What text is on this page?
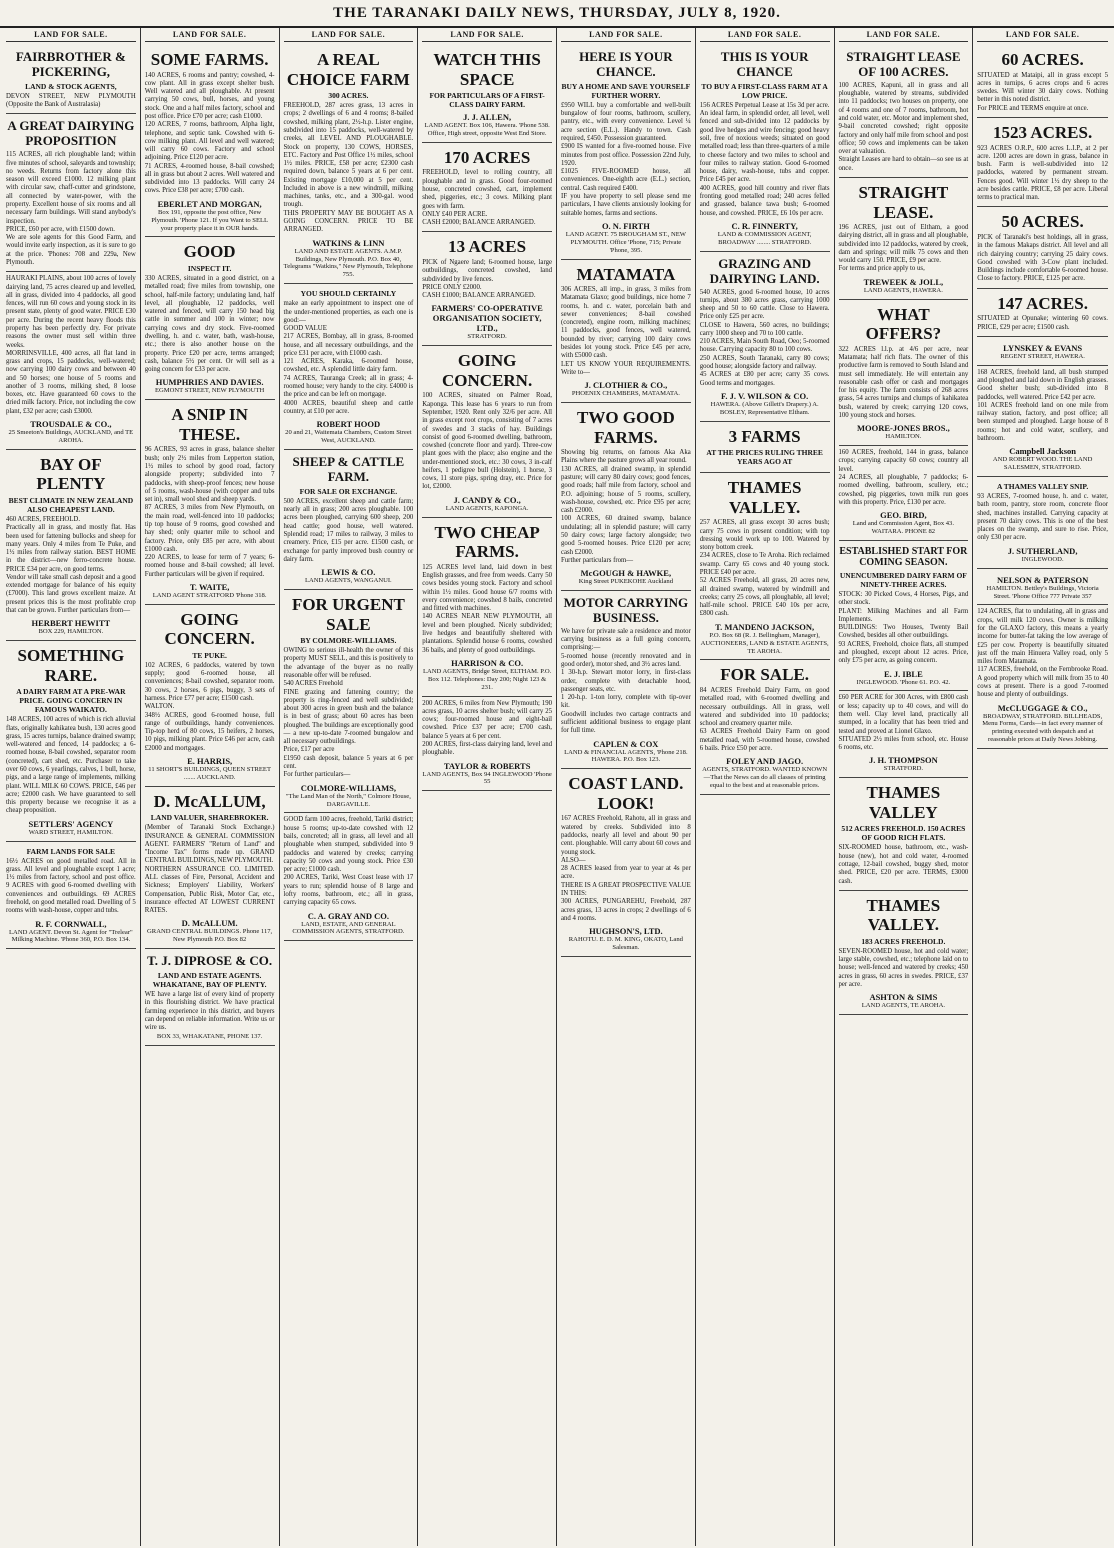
THE TARANAKI DAILY NEWS, THURSDAY, JULY 8, 1920.
LAND FOR SALE.
FAIRBROTHER & PICKERING,
LAND & STOCK AGENTS,
DEVON STREET, NEW PLYMOUTH (Opposite the Bank of Australasia)
A GREAT DAIRYING PROPOSITION
115 ACRES, all rich ploughable land; within five minutes of school, saleyards and township; no weeds. Returns from factory alone this season will exceed £1000. 12 milking plant with circular saw, chaff-cutter and grindstone, all connected by water-power, with the property. Excellent house of six rooms and all necessary farm buildings. Will stand anybody's inspection.
PRICE, £60 per acre, with £1500 down.
We are sole agents for this Good Farm, and would invite early inspection, as it is sure to go at the price. 'Phones: 708 and 229a, New Plymouth.
HAURAKI PLAINS, about 100 acres of lovely dairying land, 75 acres cleared up and levelled, all in grass, divided into 4 paddocks, all good fences, will run 60 cows and young stock in its present state, plenty of good water. PRICE £30 per acre. During the recent heavy floods this property has been perfectly dry. For private reasons the owner must sell within three weeks.
MORRINSVILLE, 400 acres, all flat land in grass and crops, 15 paddocks, well-watered; now carrying 100 dairy cows and between 40 and 50 horses; one house of 5 rooms and another of 3 rooms, milking shed, 8 loose boxes, etc. Have guaranteed 60 cows to the dried milk factory. Price, not including the cow plant, £32 per acre; cash £3000.
TROUSDALE & CO.,
25 Smeeton's Buildings, AUCKLAND, and TE AROHA.
BAY OF PLENTY
BEST CLIMATE IN NEW ZEALAND ALSO CHEAPEST LAND.
460 ACRES, FREEHOLD.
Practically all in grass, and mostly flat. Has been used for fattening bullocks and sheep for many years. Only 4 miles from Te Puke, and 1½ miles from railway station. BEST HOME in the district—new ferro-concrete house. PRICE £34 per acre, on good terms.
Vendor will take small cash deposit and a good extended mortgage for balance of his equity (£7000). This land grows excellent maize. At present prices this is the most profitable crop that can be grown. Further particulars from—
HERBERT HEWITT
BOX 229, HAMILTON.
SOMETHING RARE.
A DAIRY FARM AT A PRE-WAR PRICE. GOING CONCERN IN FAMOUS WAIKATO.
148 ACRES, 100 acres of which is rich alluvial flats, originally kahikatea bush, 130 acres good grass, 15 acres turnips, balance drained swamp; well-watered and fenced, 14 paddocks; a 6-roomed house, 8-bail cowshed, separator room (concreted), cart shed, etc. Purchaser to take over 60 cows, 6 yearlings, calves, 1 bull, horse, pigs, and a large range of implements, milking plant. WILL MILK 60 COWS. PRICE, £46 per acre; £2000 cash. We have guaranteed to sell this property because we recognise it as a cheap proposition.
SETTLERS' AGENCY
WARD STREET, HAMILTON.
FARM LANDS FOR SALE
16½ ACRES on good metalled road. All in grass. All level and ploughable except 1 acre; 1½ miles from factory, school and post office. 9 ACRES with good 6-roomed dwelling with conveniences and outbuildings. 69 ACRES freehold, on good metalled road. Dwelling of 5 rooms with wash-house, copper and tubs.
R. F. CORNWALL,
LAND AGENT. Devon St. Agent for "Trelear" Milking Machine. 'Phone 360, P.O. Box 134.
LAND FOR SALE.
SOME FARMS.
140 ACRES, 6 rooms and pantry; cowshed, 4-cow plant. All in grass except shelter bush. Well watered and all ploughable. At present carrying 50 cows, bull, horses, and young stock. One and a half miles factory, school and post office. Price £70 per acre; cash £1000.
120 ACRES, 7 rooms, bathroom, Alpha light, telephone, and septic tank. Cowshed with 6-cow milking plant. All level and well watered; will carry 60 cows. Factory and school adjoining. Price £120 per acre.
71 ACRES, 4-roomed house, 8-bail cowshed; all in grass but about 2 acres. Well watered and subdivided into 13 paddocks. Will carry 24 cows. Price £38 per acre; £700 cash.
EBERLET AND MORGAN,
Box 191, opposite the post office, New Plymouth. 'Phone 121. If you Want to SELL your property place it in OUR hands.
GOOD
INSPECT IT.
330 ACRES, situated in a good district, on a metalled road; five miles from township, one school, half-mile factory; undulating land, half level, all ploughable, 12 paddocks, well watered and fenced, will carry 150 head big cattle in summer and 100 in winter; now carrying cows and dry stock. Five-roomed dwelling, h. and c. water, bath, wash-house, etc.; there is also another house on the property. Price £20 per acre, terms arranged; cash, balance 5½ per cent. Or will sell as a going concern for £33 per acre.
HUMPHRIES AND DAVIES.
EGMONT STREET, NEW PLYMOUTH
A SNIP IN THESE.
96 ACRES, 93 acres in grass, balance shelter bush; only 2½ miles from Lepperton station, 1½ miles to school by good road, factory alongside property; subdivided into 7 paddocks, with sheep-proof fences; new house of 5 rooms, wash-house (with copper and tubs set in), small wool shed and sheep yards.
87 ACRES, 3 miles from New Plymouth, on the main road, well-fenced into 10 paddocks; tip top house of 9 rooms, good cowshed and hay shed; only quarter mile to school and factory. Price, only £85 per acre, with about £1000 cash.
220 ACRES, to lease for term of 7 years; 6-roomed house and 8-bail cowshed; all level. Further particulars will be given if required.
T. WAITE,
LAND AGENT STRATFORD 'Phone 318.
GOING CONCERN.
TE PUKE.
102 ACRES, 6 paddocks, watered by town supply; good 6-roomed house, all conveniences; 8-bail cowshed, separator room. 30 cows, 2 horses, 6 pigs, buggy, 3 sets of harness. Price £77 per acre; £1500 cash.
WALTON.
348½ ACRES, good 6-roomed house, full range of outbuildings, handy conveniences. Tip-top herd of 80 cows, 15 heifers, 2 horses, 10 pigs, milking plant. Price £46 per acre, cash £2000 and mortgages.
E. HARRIS,
11 SHORT'S BUILDINGS, QUEEN STREET ....... AUCKLAND.
D. McALLUM,
LAND VALUER, SHAREBROKER.
(Member of Taranaki Stock Exchange.) INSURANCE & GENERAL COMMISSION AGENT. FARMERS' "Return of Land" and "Income Tax" forms made up. GRAND CENTRAL BUILDINGS, NEW PLYMOUTH.
NORTHERN ASSURANCE CO. LIMITED. ALL classes of Fire, Personal, Accident and Sickness; Employers' Liability, Workers' Compensation, Public Risk, Motor Car, etc., insurance effected AT LOWEST CURRENT RATES.
D. McALLUM.
GRAND CENTRAL BUILDINGS. Phone 117, New Plymouth P.O. Box 82
T. J. DIPROSE & CO.
LAND AND ESTATE AGENTS. WHAKATANE, BAY OF PLENTY.
WE have a large list of every kind of property in this flourishing district. We have practical farming experience in this district, and buyers can depend on reliable information. Write us or wire us.
BOX 33, WHAKATANE, PHONE 137.
LAND FOR SALE.
A REAL CHOICE FARM
300 ACRES.
FREEHOLD, 287 acres grass, 13 acres in crops; 2 dwellings of 6 and 4 rooms; 8-bailed cowshed, milking plant, 2½-h.p. Lister engine, subdivided into 15 paddocks, well-watered by creeks, all LEVEL AND PLOUGHABLE. Stock on property, 130 COWS, HORSES, ETC. Factory and Post Office 1½ miles, school 1½ miles. PRICE, £58 per acre; £2300 cash required down, balance 5 years at 6 per cent. Existing mortgage £10,000 at 5 per cent. Included in above is a new windmill, milking machines, tanks, etc., and a 300-gal. wood trough.
THIS PROPERTY MAY BE BOUGHT AS A GOING CONCERN. PRICE TO BE ARRANGED.
WATKINS & LINN
LAND AND ESTATE AGENTS. A.M.P. Buildings, New Plymouth. P.O. Box 40, Telegrams "Watkins," New Plymouth, Telephone 755.
YOU SHOULD CERTAINLY
make an early appointment to inspect one of the under-mentioned properties, as each one is good:—
GOOD VALUE
217 ACRES, Bombay, all in grass, 8-roomed house, and all necessary outbuildings, and the price £31 per acre, with £1000 cash.
121 ACRES, Karaka, 6-roomed house, cowshed, etc. A splendid little dairy farm.
74 ACRES, Tauranga Creek; all in grass; 4-roomed house; very handy to the city. £4000 is the price and can be left on mortgage.
4000 ACRES, beautiful sheep and cattle country, at £10 per acre.
ROBERT HOOD
20 and 21, Waitemata Chambers, Custom Street West, AUCKLAND.
SHEEP & CATTLE FARM.
FOR SALE OR EXCHANGE.
500 ACRES, excellent sheep and cattle farm; nearly all in grass; 200 acres ploughable. 100 acres been ploughed, carrying 600 sheep, 200 head cattle; good house, well watered. Splendid road; 17 miles to railway, 3 miles to creamery. Price, £15 per acre. £1500 cash, or exchange for partly improved bush country or dairy farm.
LEWIS & CO.
LAND AGENTS, WANGANUI.
FOR URGENT SALE
BY COLMORE-WILLIAMS.
OWING to serious ill-health the owner of this property MUST SELL, and this is positively to the advantage of the buyer as no really reasonable offer will be refused.
540 ACRES Freehold
FINE grazing and fattening country; the property is ring-fenced and well subdivided; about 300 acres in green bush and the balance is in best of grass; about 60 acres has been ploughed. The buildings are exceptionally good — a new up-to-date 7-roomed bungalow and all necessary outbuildings.
Price, £17 per acre
£1950 cash deposit, balance 5 years at 6 per cent.
For further particulars—
COLMORE-WILLIAMS,
"The Land Man of the North," Colmore House, DARGAVILLE.
GOOD farm 100 acres, freehold, Tariki district; house 5 rooms; up-to-date cowshed with 12 bails, concreted; all in grass, all level and all ploughable when stumped, subdivided into 9 paddocks and watered by creeks; carrying capacity 50 cows and young stock. Price £30 per acre; £1000 cash.
200 ACRES, Tariki, West Coast lease with 17 years to run; splendid house of 8 large and lofty rooms, bathroom, etc.; all in grass, carrying capacity 65 cows.
C. A. GRAY AND CO.
LAND, ESTATE, AND GENERAL COMMISSION AGENTS, STRATFORD.
LAND FOR SALE.
WATCH THIS SPACE
FOR PARTICULARS OF A FIRST-CLASS DAIRY FARM.
J. J. ALLEN,
LAND AGENT. Box 106, Hawera. 'Phone 538. Office, High street, opposite West End Store.
170 ACRES
FREEHOLD, level to rolling country, all ploughable and in grass. Good four-roomed house, concreted cowshed, cart, implement shed, piggeries, etc.; 3 cows. Milking plant goes with farm.
ONLY £40 PER ACRE.
CASH £2000; BALANCE ARRANGED.
13 ACRES
PICK of Ngaere land; 6-roomed house, large outbuildings, concreted cowshed, land subdivided by live fences.
PRICE ONLY £2000.
CASH £1000; BALANCE ARRANGED.
FARMERS' CO-OPERATIVE ORGANISATION SOCIETY, LTD.,
STRATFORD.
GOING CONCERN.
100 ACRES, situated on Palmer Road, Kaponga. This lease has 6 years to run from September, 1920. Rent only 32/6 per acre. All in grass except root crops, consisting of 7 acres of swedes and 3 stacks of hay. Buildings consist of good 6-roomed dwelling, bathroom, cowshed (concrete floor and yard). Three-cow plant goes with the place; also engine and the under-mentioned stock, etc.: 30 cows, 3 in-calf heifers, 1 pedigree bull (Holstein), 1 horse, 3 cows, 11 store pigs, spring dray, etc. Price for lot, £2000.
J. CANDY & CO.,
LAND AGENTS, KAPONGA.
TWO CHEAP FARMS.
125 ACRES level land, laid down in best English grasses, and free from weeds. Carry 50 cows besides young stock. Factory and school within 1½ miles. Good house 6/7 rooms with every convenience; cowshed 8 bails, concreted and fitted with machines.
140 ACRES NEAR NEW PLYMOUTH, all level and been ploughed. Nicely subdivided; live hedges and beautifully sheltered with plantations. Splendid house 6 rooms, cowshed 36 bails, and plenty of good outbuildings.
HARRISON & CO.
LAND AGENTS, Bridge Street, ELTHAM. P.O. Box 112. Telephones: Day 200; Night 123 & 231.
200 ACRES, 6 miles from New Plymouth; 190 acres grass, 10 acres shelter bush; will carry 25 cows; four-roomed house and eight-bail cowshed. Price £37 per acre; £700 cash, balance 5 years at 6 per cent.
200 ACRES, first-class dairying land, level and ploughable.
TAYLOR & ROBERTS
LAND AGENTS, Box 94 INGLEWOOD 'Phone 55
LAND FOR SALE.
HERE IS YOUR CHANCE.
BUY A HOME AND SAVE YOURSELF FURTHER WORRY.
£950 WILL buy a comfortable and well-built bungalow of four rooms, bathroom, scullery, pantry, etc., with every convenience. Level ¼ acre section (E.L.). Handy to town. Cash required, £450. Possession guaranteed.
£900 IS wanted for a five-roomed house. Five minutes from post office. Possession 22nd July, 1920.
£1025 FIVE-ROOMED house, all conveniences. One-eighth acre (E.L.) section, central. Cash required £400.
IF you have property to sell please send me particulars, I have clients anxiously looking for suitable homes, farms and sections.
O. N. FIRTH
LAND AGENT. 75 BROUGHAM ST., NEW PLYMOUTH. Office 'Phone, 715; Private 'Phone, 395.
MATAMATA
306 ACRES, all imp., in grass, 3 miles from Matamata Glaxo; good buildings, nice home 7 rooms, h. and c. water, porcelain bath and sewer conveniences; 8-bail cowshed (concreted), engine room, milking machines; 11 paddocks, good fences, well watered, bounded by river; carrying 100 dairy cows besides lot young stock. Price £45 per acre, with £5000 cash.
LET US KNOW YOUR REQUIREMENTS. Write to—
J. CLOTHIER & CO.,
PHOENIX CHAMBERS, MATAMATA.
TWO GOOD FARMS.
Showing big returns, on famous Aka Aka Plains where the pasture grows all year round.
130 ACRES, all drained swamp, in splendid pasture; will carry 80 dairy cows; good fences, good roads; half mile from factory, school and P.O. adjoining; house of 5 rooms, scullery, wash-house, cowshed, etc. Price £95 per acre; cash £2000.
100 ACRES, 60 drained swamp, balance undulating; all in splendid pasture; will carry 50 dairy cows; large factory alongside; two good 5-roomed houses. Price £120 per acre; cash £2000.
Further particulars from—
McGOUGH & HAWKE,
King Street PUKEKOHE Auckland
MOTOR CARRYING BUSINESS.
We have for private sale a residence and motor carrying business as a full going concern, comprising:—
5-roomed house (recently renovated and in good order), motor shed, and 3½ acres land.
1 30-h.p. Stewart motor lorry, in first-class order, complete with detachable hood, passenger seats, etc.
1 20-h.p. 1-ton lorry, complete with tip-over kit.
Goodwill includes two cartage contracts and sufficient additional business to engage plant for full time.
CAPLEN & COX
LAND & FINANCIAL AGENTS, 'Phone 218. HAWERA. P.O. Box 123.
COAST LAND. LOOK!
167 ACRES Freehold, Rahotu, all in grass and watered by creeks. Subdivided into 8 paddocks, nearly all level and about 90 per cent. ploughable. Will carry about 60 cows and young stock.
ALSO—
28 ACRES leased from year to year at 4s per acre.
THERE IS A GREAT PROSPECTIVE VALUE IN THIS:
300 ACRES, PUNGAREHU, Freehold, 287 acres grass, 13 acres in crops; 2 dwellings of 6 and 4 rooms.
HUGHSON'S, LTD.
RAHOTU. E. D. M. KING, OKATO, Land Salesman.
LAND FOR SALE.
THIS IS YOUR CHANCE
TO BUY A FIRST-CLASS FARM AT A LOW PRICE.
156 ACRES Perpetual Lease at 15s 3d per acre. An ideal farm, in splendid order, all level, well fenced and sub-divided into 12 paddocks by good live hedges and wire fencing; good heavy soil, free of noxious weeds; situated on good metalled road; less than three-quarters of a mile to cheese factory and two miles to school and four miles to railway station. Good 6-roomed house, dairy, wash-house, tubs and copper. Price £45 per acre.
400 ACRES, good hill country and river flats fronting good metalled road; 240 acres felled and grassed, balance tawa bush; 6-roomed house, and cowshed. PRICE, £6 10s per acre.
C. R. FINNERTY,
LAND & COMMISSION AGENT, BROADWAY ........ STRATFORD.
GRAZING AND DAIRYING LAND.
540 ACRES, good 6-roomed house, 10 acres turnips, about 380 acres grass, carrying 1000 sheep and 50 to 60 cattle. Close to Hawera. Price only £25 per acre.
CLOSE to Hawera, 560 acres, no buildings; carry 1000 sheep and 70 to 100 cattle.
210 ACRES, Main South Road, Oeo; 5-roomed house. Carrying capacity 80 to 100 cows.
250 ACRES, South Taranaki, carry 80 cows; good house; alongside factory and railway.
45 ACRES at £80 per acre; carry 35 cows. Good terms and mortgages.
F. J. V. WILSON & CO.
HAWERA. (Above Gillett's Drapery.) A. BOSLEY, Representative Eltham.
3 FARMS
AT THE PRICES RULING THREE YEARS AGO AT
THAMES VALLEY.
257 ACRES, all grass except 30 acres bush; carry 75 cows in present condition; with top dressing would work up to 100. Watered by stony bottom creek.
234 ACRES, close to Te Aroha. Rich reclaimed swamp. Carry 65 cows and 40 young stock. PRICE £40 per acre.
52 ACRES Freehold, all grass, 20 acres new, all drained swamp, watered by windmill and creeks; carry 25 cows, all ploughable, all level; half-mile school. PRICE £40 10s per acre, £800 cash.
T. MANDENO JACKSON,
P.O. Box 68 (R. J. Bellingham, Manager), AUCTIONEERS, LAND & ESTATE AGENTS, TE AROHA.
FOR SALE.
84 ACRES Freehold Dairy Farm, on good metalled road, with 6-roomed dwelling and necessary outbuildings. All in grass, well watered and subdivided into 10 paddocks; school and creamery quarter mile.
63 ACRES Freehold Dairy Farm on good metalled road, with 5-roomed house, cowshed 6 bails. Price £50 per acre.
FOLEY AND JAGO.
AGENTS, STRATFORD. WANTED KNOWN—That the News can do all classes of printing equal to the best and at reasonable prices.
LAND FOR SALE.
STRAIGHT LEASE OF 100 ACRES.
100 ACRES, Kapuni, all in grass and all ploughable, watered by streams, subdivided into 11 paddocks; two houses on property, one of 4 rooms and one of 7 rooms, bathroom, hot and cold water, etc. Motor and implement shed, 9-bail concreted cowshed; right opposite factory and only half mile from school and post office; 50 cows and implements can be taken over at valuation.
Straight Leases are hard to obtain—so see us at once.
STRAIGHT LEASE.
196 ACRES, just out of Eltham, a good dairying district, all in grass and all ploughable, subdivided into 12 paddocks, watered by creek, dam and springs; will milk 75 cows and then would carry 150. PRICE, £9 per acre.
For terms and price apply to us,
TREWEEK & JOLL,
LAND AGENTS, HAWERA.
WHAT OFFERS?
322 ACRES l.l.p. at 4/6 per acre, near Matamata; half rich flats. The owner of this productive farm is removed to South Island and must sell immediately. He will entertain any reasonable cash offer or cash and mortgages for his equity. The farm consists of 268 acres grass, 54 acres turnips and clumps of kahikatea bush, watered by creek; carrying 120 cows, 100 young stock and horses.
MOORE-JONES BROS.,
HAMILTON.
160 ACRES, freehold, 144 in grass, balance crops; carrying capacity 60 cows; country all level.
24 ACRES, all ploughable, 7 paddocks; 6-roomed dwelling, bathroom, scullery, etc.; cowshed, pig piggeries, town milk run goes with this property. Price, £130 per acre.
GEO. BIRD,
Land and Commission Agent, Box 43. WAITARA. PHONE 82
ESTABLISHED START FOR COMING SEASON.
UNENCUMBERED DAIRY FARM OF NINETY-THREE ACRES.
STOCK: 30 Picked Cows, 4 Horses, Pigs, and other stock.
PLANT: Milking Machines and all Farm Implements.
BUILDINGS: Two Houses, Twenty Bail Cowshed, besides all other outbuildings.
93 ACRES, Freehold, choice flats, all stumped and ploughed, except about 12 acres. Price, only £75 per acre, as going concern.
E. J. IBLE
INGLEWOOD. 'Phone 61. P.O. 42.
£60 PER ACRE for 300 Acres, with £800 cash or less; capacity up to 40 cows, and will do them well. Clay level land, practically all stumped, in a locality that has been tried and tested and proved at Lionel Glaxo.
SITUATED 2½ miles from school, etc. House 6 rooms, etc.
J. H. THOMPSON
STRATFORD.
THAMES VALLEY
512 ACRES FREEHOLD. 150 ACRES OF GOOD RICH FLATS.
SIX-ROOMED house, bathroom, etc., wash-house (new), hot and cold water, 4-roomed cottage, 12-bail cowshed, buggy shed, motor shed. PRICE, £20 per acre. TERMS, £3000 cash.
THAMES VALLEY.
183 ACRES FREEHOLD.
SEVEN-ROOMED house, hot and cold water; large stable, cowshed, etc.; telephone laid on to house; well-fenced and watered by creeks; 450 acres in grass, 60 acres in swedes. PRICE, £37 per acre.
ASHTON & SIMS
LAND AGENTS, TE AROHA.
LAND FOR SALE.
60 ACRES.
SITUATED at Mataipi, all in grass except 5 acres in turnips, 6 acres crops and 6 acres swedes. Will winter 30 dairy cows. Nothing better in this noted district.
For PRICE and TERMS enquire at once.
1523 ACRES.
923 ACRES O.R.P., 600 acres L.I.P., at 2 per acre. 1200 acres are down in grass, balance in bush. Farm is well-subdivided into 12 paddocks, watered by permanent stream. Fences good. Will winter 1½ dry sheep to the acre besides cattle. PRICE, £8 per acre. Liberal terms to practical man.
50 ACRES.
PICK of Taranaki's best holdings, all in grass, in the famous Makaps district. All level and all rich dairying country; carrying 25 dairy cows. Good cowshed with 3-Cow plant included. Buildings include comfortable 6-roomed house. Close to factory. PRICE, £125 per acre.
147 ACRES.
SITUATED at Opunake; wintering 60 cows. PRICE, £29 per acre; £1500 cash.
LYNSKEY & EVANS
REGENT STREET, HAWERA.
168 ACRES, freehold land, all bush stumped and ploughed and laid down in English grasses. Good shelter bush; sub-divided into 8 paddocks, well watered. Price £42 per acre.
101 ACRES freehold land on one mile from railway station, factory, and post office; all been stumped and ploughed. Large house of 8 rooms; hot and cold water, scullery, and bathroom.
Campbell Jackson
AND ROBERT WOOD. THE LAND SALESMEN, STRATFORD.
A THAMES VALLEY SNIP.
93 ACRES, 7-roomed house, h. and c. water, bath room, pantry, store room, concrete floor shed, machines installed. Carrying capacity at present 70 dairy cows. This is one of the best places on the swamp, and sure to rise. Price, only £30 per acre.
J. SUTHERLAND,
INGLEWOOD.
NELSON & PATERSON
HAMILTON. Bettley's Buildings, Victoria Street. 'Phone Office 777 Private 357
124 ACRES, flat to undulating, all in grass and crops, will milk 120 cows. Owner is milking for the GLAXO factory, this means a yearly income for butter-fat taking the low average of £25 per cow. Property is beautifully situated just off the main Hinuera Valley road, only 5 miles from Matamata.
117 ACRES, freehold, on the Fernbrooke Road. A good property which will milk from 35 to 40 cows at present. There is a good 7-roomed house and plenty of outbuildings.
McCLUGGAGE & CO.,
BROADWAY, STRATFORD. BILLHEADS, Menu Forms, Cards—in fact every manner of printing executed with despatch and at reasonable prices at Daily News Jobbing.
